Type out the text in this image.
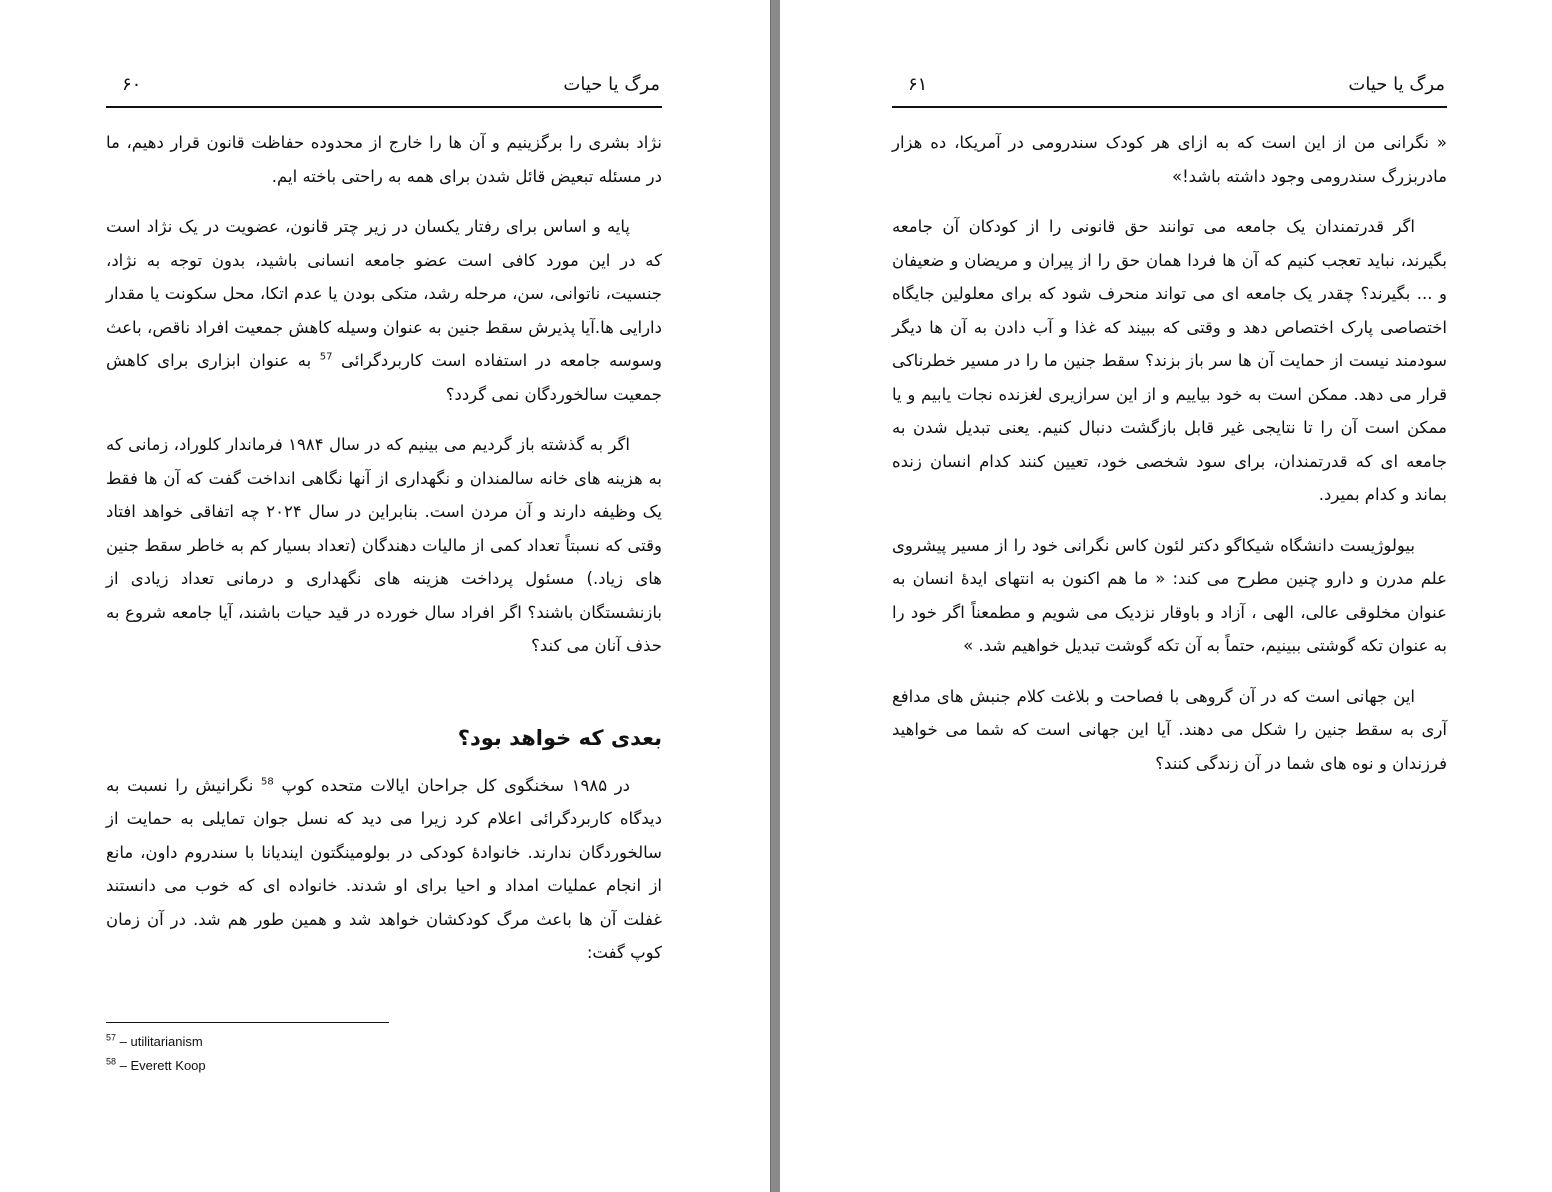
مرگ یا حیات
۶۰

نژاد بشری را برگزینیم و آن ها را خارج از محدوده حفاظت قانون قرار دهیم، ما در مسئله تبعیض قائل شدن برای همه به راحتی باخته ایم.

پایه و اساس برای رفتار یکسان در زیر چتر قانون، عضویت در یک نژاد است که در این مورد کافی است عضو جامعه انسانی باشید، بدون توجه به نژاد، جنسیت، ناتوانی، سن، مرحله رشد، متکی بودن یا عدم اتکا، محل سکونت یا مقدار دارایی ها.آیا پذیرش سقط جنین به عنوان وسیله کاهش جمعیت افراد ناقص، باعث وسوسه جامعه در استفاده است کاربردگرائی $^{57}$ به عنوان ابزاری برای کاهش جمعیت سالخوردگان نمی گردد؟

اگر به گذشته باز گردیم می بینیم که در سال ۱۹۸۴ فرماندار کلوراد، زمانی که به هزینه های خانه سالمندان و نگهداری از آنها نگاهی انداخت گفت که آن ها فقط یک وظیفه دارند و آن مردن است. بنابراین در سال ۲۰۲۴ چه اتفاقی خواهد افتاد وقتی که نسبتاً تعداد کمی از مالیات دهندگان (تعداد بسیار کم به خاطر سقط جنین های زیاد.) مسئول پرداخت هزینه های نگهداری و درمانی تعداد زیادی از بازنشستگان باشند؟ اگر افراد سال خورده در قید حیات باشند، آیا جامعه شروع به حذف آنان می کند؟

بعدی که خواهد بود؟

در ۱۹۸۵ سخنگوی کل جراحان ایالات متحده کوپ $^{58}$ نگرانیش را نسبت به دیدگاه کاربردگرائی اعلام کرد زیرا می دید که نسل جوان تمایلی به حمایت از سالخوردگان ندارند. خانوادهٔ کودکی در بولومینگتون ایندیانا با سندروم داون، مانع از انجام عملیات امداد و احیا برای او شدند. خانواده ای که خوب می دانستند غفلت آن ها باعث مرگ کودکشان خواهد شد و همین طور هم شد. در آن زمان کوپ گفت:

$^{57}$ – utilitarianism
$^{58}$ – Everett Koop
مرگ یا حیات
۶۱

« نگرانی من از این است که به ازای هر کودک سندرومی در آمریکا، ده هزار مادربزرگ سندرومی وجود داشته باشد!»

اگر قدرتمندان یک جامعه می توانند حق قانونی را از کودکان آن جامعه بگیرند، نباید تعجب کنیم که آن ها فردا همان حق را از پیران و مریضان و ضعیفان و ... بگیرند؟ چقدر یک جامعه ای می تواند منحرف شود که برای معلولین جایگاه اختصاصی پارک اختصاص دهد و وقتی که ببیند که غذا و آب دادن به آن ها دیگر سودمند نیست از حمایت آن ها سر باز بزند؟ سقط جنین ما را در مسیر خطرناکی قرار می دهد. ممکن است به خود بیاییم و از این سرازیری لغزنده نجات یابیم و یا ممکن است آن را تا نتایجی غیر قابل بازگشت دنبال کنیم. یعنی تبدیل شدن به جامعه ای که قدرتمندان، برای سود شخصی خود، تعیین کنند کدام انسان زنده بماند و کدام بمیرد.

بیولوژیست دانشگاه شیکاگو دکتر لئون کاس نگرانی خود را از مسیر پیشروی علم مدرن و دارو چنین مطرح می کند: « ما هم اکنون به انتهای ایدهٔ انسان به عنوان مخلوقی عالی، الهی ، آزاد و باوقار نزدیک می شویم و مطمعناً اگر خود را به عنوان تکه گوشتی ببینیم، حتماً به آن تکه گوشت تبدیل خواهیم شد. »

این جهانی است که در آن گروهی با فصاحت و بلاغت کلام جنبش های مدافع آری به سقط جنین را شکل می دهند. آیا این جهانی است که شما می خواهید فرزندان و نوه های شما در آن زندگی کنند؟
